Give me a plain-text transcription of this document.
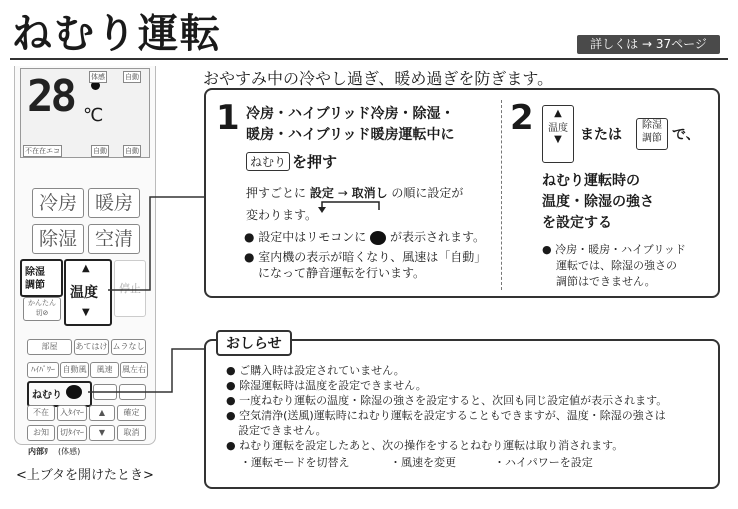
ねむり運転	詳しくは → 37ページ
おやすみ中の冷やし過ぎ、暖め過ぎを防ぎます。
28 ℃
体感	自動
不在在エコ	自動	自動
冷房 暖房
除湿 空清
除湿
調節
▲
温度
▼
かんたん
切⊘
停止
部屋	あてはけ ムラなし
ﾊｲﾊﾟﾜｰ 自動風	風速	風左右
ねむり
不在	入ﾀｲﾏｰ	▲	確定
お知	切ﾀｲﾏｰ	▼	取消
内部ﾘ (体感)
<上ブタを開けたとき>
1 冷房・ハイブリッド冷房・除湿・
暖房・ハイブリッド暖房運転中に
ねむり を押す
押すごとに 設定 → 取消し の順に設定が
変わります。
● 設定中はリモコンに が表示されます。
● 室内機の表示が暗くなり、風速は「自動」
になって静音運転を行います。
2	▲
温度
▼	または
除湿
調節 で、
ねむり運転時の
温度・除湿の強さ
を設定する
● 冷房・暖房・ハイブリッド
運転では、除湿の強さの
調節はできません。
おしらせ
● ご購入時は設定されていません。
● 除湿運転時は温度を設定できません。
● 一度ねむり運転の温度・除湿の強さを設定すると、次回も同じ設定値が表示されます。
● 空気清浄(送風)運転時にねむり運転を設定することもできますが、温度・除湿の強さは
設定できません。
● ねむり運転を設定したあと、次の操作をするとねむり運転は取り消されます。
・運転モードを切替え	・風速を変更	・ハイパワーを設定
